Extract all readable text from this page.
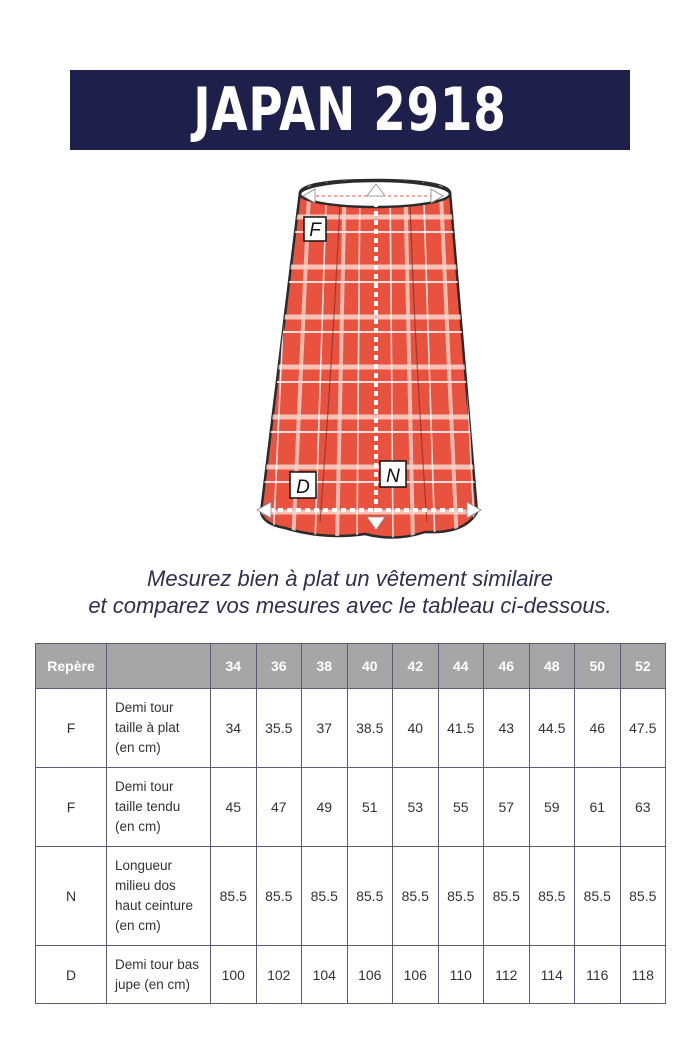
JAPAN 2918
F
N
D
Mesurez bien à plat un vêtement similaire
et comparez vos mesures avec le tableau ci-dessous.
Repère		34	36	38	40	42	44	46	48	50	52
F	Demi tour
taille à plat
(en cm)	34	35.5	37	38.5	40	41.5	43	44.5	46	47.5
F	Demi tour
taille tendu
(en cm)	45	47	49	51	53	55	57	59	61	63
N	Longueur
milieu dos
haut ceinture
(en cm)	85.5	85.5	85.5	85.5	85.5	85.5	85.5	85.5	85.5	85.5
D	Demi tour bas
jupe (en cm)	100	102	104	106	106	110	112	114	116	118
